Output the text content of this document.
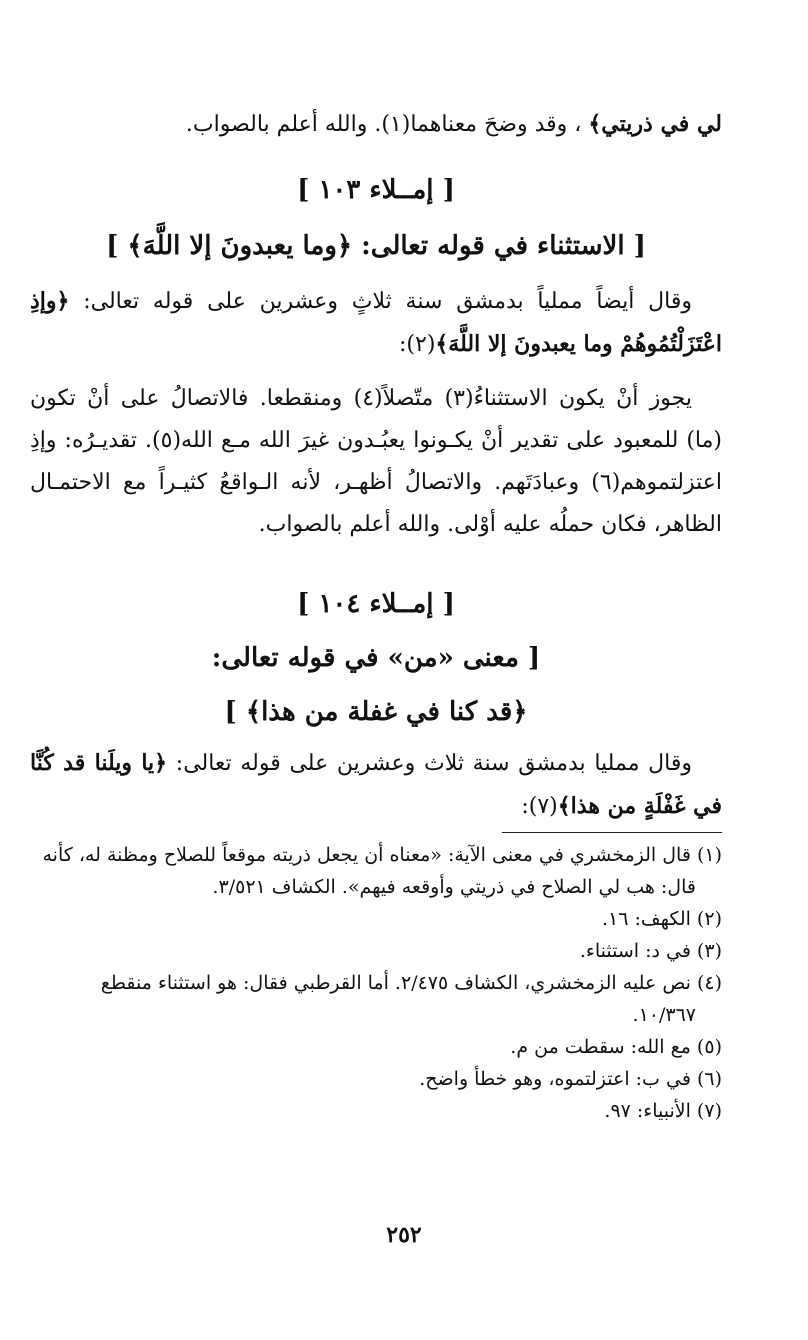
لي في ذريتي﴾ ، وقد وضحَ معناهما(١). والله أعلم بالصواب.

[ إمــلاء ١٠٣ ]
[ الاستثناء في قوله تعالى: ﴿وما يعبدونَ إلا اللَّهَ﴾ ]

وقال أيضاً مملياً بدمشق سنة ثلاثٍ وعشرين على قوله تعالى: ﴿وإذِ اعْتَزَلْتُمُوهُمْ وما يعبدونَ إلا اللَّهَ﴾(٢):

يجوز أنْ يكون الاستثناءُ(٣) متّصلاً(٤) ومنقطعا. فالاتصالُ على أنْ تكون (ما) للمعبود على تقدير أنْ يكـونوا يعبُـدون غيرَ الله مـع الله(٥). تقديـرُه: وإذِ اعتزلتموهم(٦) وعبادَتَهم. والاتصالُ أظهـر، لأنه الـواقعُ كثيـراً مع الاحتمـال الظاهر، فكان حملُه عليه أوْلى. والله أعلم بالصواب.

[ إمــلاء ١٠٤ ]
[ معنى «من» في قوله تعالى:
﴿قد كنا في غفلة من هذا﴾ ]

وقال ممليا بدمشق سنة ثلاث وعشرين على قوله تعالى: ﴿يا ويلَنا قد كُنَّا في غَفْلَةٍ من هذا﴾(٧):

(١) قال الزمخشري في معنى الآية: «معناه أن يجعل ذريته موقعاً للصلاح ومظنة له، كأنه

قال: هب لي الصلاح في ذريتي وأوقعه فيهم». الكشاف ٣/٥٢١.

(٢) الكهف: ١٦.

(٣) في د: استثناء.

(٤) نص عليه الزمخشري، الكشاف ٢/٤٧٥. أما القرطبي فقال: هو استثناء منقطع

١٠/٣٦٧.

(٥) مع الله: سقطت من م.

(٦) في ب: اعتزلتموه، وهو خطأ واضح.

(٧) الأنبياء: ٩٧.

٢٥٢
